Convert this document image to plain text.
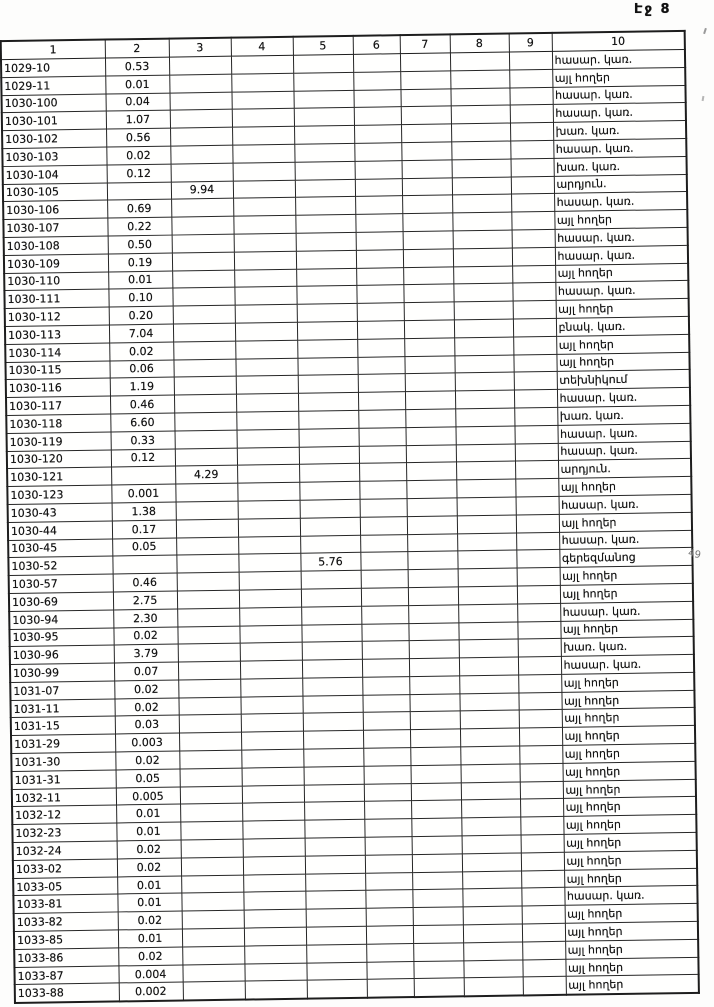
Էջ 8
1	2	3	4	5	6	7	8	9	10
1029-10	0.53								հասար. կառ.
1029-11	0.01								այլ հողեր
1030-100	0.04								հասար. կառ.
1030-101	1.07								հասար. կառ.
1030-102	0.56								խառ. կառ.
1030-103	0.02								հասար. կառ.
1030-104	0.12								խառ. կառ.
1030-105		9.94							արդյուն.
1030-106	0.69								հասար. կառ.
1030-107	0.22								այլ հողեր
1030-108	0.50								հասար. կառ.
1030-109	0.19								հասար. կառ.
1030-110	0.01								այլ հողեր
1030-111	0.10								հասար. կառ.
1030-112	0.20								այլ հողեր
1030-113	7.04								բնակ. կառ.
1030-114	0.02								այլ հողեր
1030-115	0.06								այլ հողեր
1030-116	1.19								տեխնիկում
1030-117	0.46								հասար. կառ.
1030-118	6.60								խառ. կառ.
1030-119	0.33								հասար. կառ.
1030-120	0.12								հասար. կառ.
1030-121		4.29							արդյուն.
1030-123	0.001								այլ հողեր
1030-43	1.38								հասար. կառ.
1030-44	0.17								այլ հողեր
1030-45	0.05								հասար. կառ.
1030-52				5.76					գերեզմանոց
1030-57	0.46								այլ հողեր
1030-69	2.75								այլ հողեր
1030-94	2.30								հասար. կառ.
1030-95	0.02								այլ հողեր
1030-96	3.79								խառ. կառ.
1030-99	0.07								հասար. կառ.
1031-07	0.02								այլ հողեր
1031-11	0.02								այլ հողեր
1031-15	0.03								այլ հողեր
1031-29	0.003								այլ հողեր
1031-30	0.02								այլ հողեր
1031-31	0.05								այլ հողեր
1032-11	0.005								այլ հողեր
1032-12	0.01								այլ հողեր
1032-23	0.01								այլ հողեր
1032-24	0.02								այլ հողեր
1033-02	0.02								այլ հողեր
1033-05	0.01								այլ հողեր
1033-81	0.01								հասար. կառ.
1033-82	0.02								այլ հողեր
1033-85	0.01								այլ հողեր
1033-86	0.02								այլ հողեր
1033-87	0.004								այլ հողեր
1033-88	0.002								այլ հողեր
49
